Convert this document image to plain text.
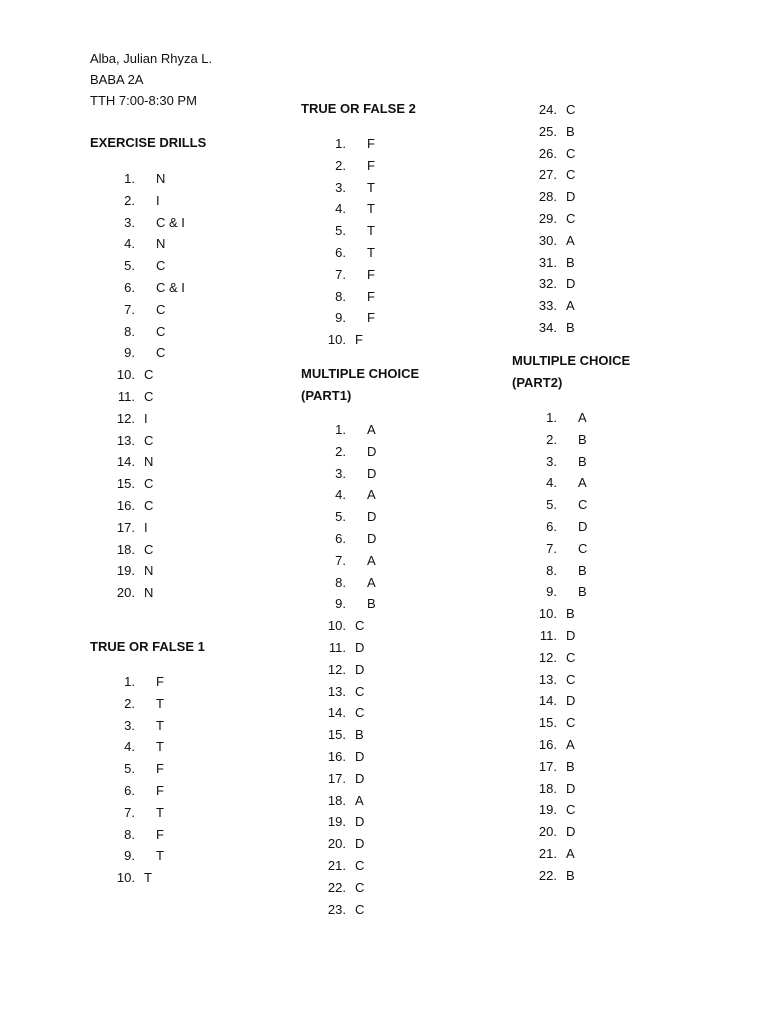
Alba, Julian Rhyza L.
BABA 2A
TTH 7:00-8:30 PM
EXERCISE DRILLS
1. N
2. I
3. C & I
4. N
5. C
6. C & I
7. C
8. C
9. C
10. C
11. C
12. I
13. C
14. N
15. C
16. C
17. I
18. C
19. N
20. N
TRUE OR FALSE 1
1. F
2. T
3. T
4. T
5. F
6. F
7. T
8. F
9. T
10. T
TRUE OR FALSE 2
1. F
2. F
3. T
4. T
5. T
6. T
7. F
8. F
9. F
10. F
MULTIPLE CHOICE
(PART1)
1. A
2. D
3. D
4. A
5. D
6. D
7. A
8. A
9. B
10. C
11. D
12. D
13. C
14. C
15. B
16. D
17. D
18. A
19. D
20. D
21. C
22. C
23. C
24. C
25. B
26. C
27. C
28. D
29. C
30. A
31. B
32. D
33. A
34. B
MULTIPLE CHOICE
(PART2)
1. A
2. B
3. B
4. A
5. C
6. D
7. C
8. B
9. B
10. B
11. D
12. C
13. C
14. D
15. C
16. A
17. B
18. D
19. C
20. D
21. A
22. B
